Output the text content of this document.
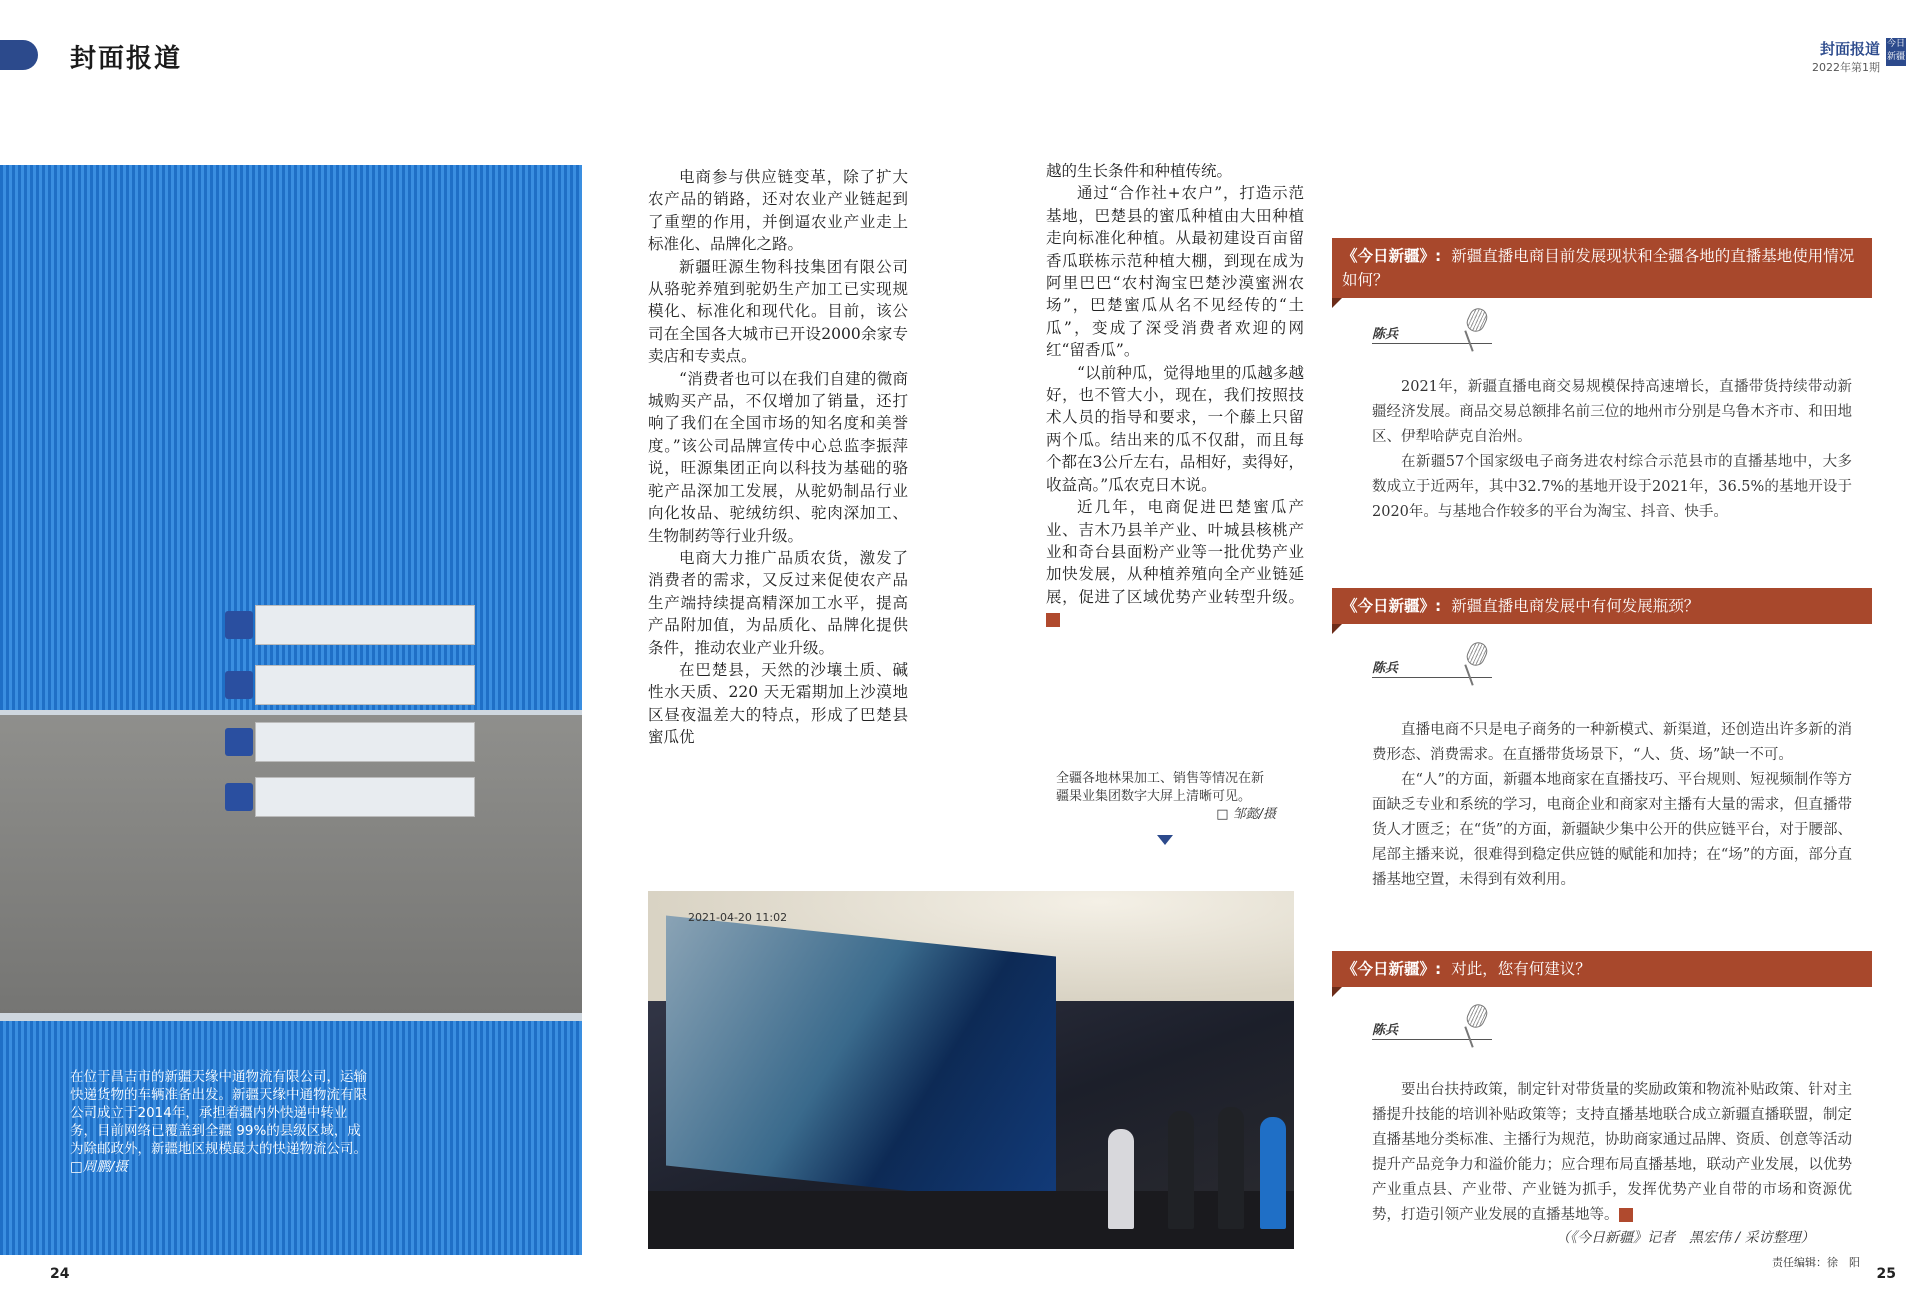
封面报道	封面报道
2022年第1期
今日新疆
在位于昌吉市的新疆天缘中通物流有限公司，运输快递货物的车辆准备出发。新疆天缘中通物流有限公司成立于2014年，承担着疆内外快递中转业务，目前网络已覆盖到全疆 99%的县级区域，成为除邮政外，新疆地区规模最大的快递物流公司。 □周鹏/摄

电商参与供应链变革，除了扩大农产品的销路，还对农业产业链起到了重塑的作用，并倒逼农业产业走上标准化、品牌化之路。

新疆旺源生物科技集团有限公司从骆驼养殖到驼奶生产加工已实现规模化、标准化和现代化。目前，该公司在全国各大城市已开设2000余家专卖店和专卖点。

“消费者也可以在我们自建的微商城购买产品，不仅增加了销量，还打响了我们在全国市场的知名度和美誉度。”该公司品牌宣传中心总监李振萍说，旺源集团正向以科技为基础的骆驼产品深加工发展，从驼奶制品行业向化妆品、驼绒纺织、驼肉深加工、生物制药等行业升级。

电商大力推广品质农货，激发了消费者的需求，又反过来促使农产品生产端持续提高精深加工水平，提高产品附加值，为品质化、品牌化提供条件，推动农业产业升级。

在巴楚县，天然的沙壤土质、碱性水天质、220 天无霜期加上沙漠地区昼夜温差大的特点，形成了巴楚县蜜瓜优

越的生长条件和种植传统。

通过“合作社+农户”，打造示范基地，巴楚县的蜜瓜种植由大田种植走向标准化种植。从最初建设百亩留香瓜联栋示范种植大棚，到现在成为阿里巴巴“农村淘宝巴楚沙漠蜜洲农场”，巴楚蜜瓜从名不见经传的“土瓜”，变成了深受消费者欢迎的网红“留香瓜”。

“以前种瓜，觉得地里的瓜越多越好，也不管大小，现在，我们按照技术人员的指导和要求，一个藤上只留两个瓜。结出来的瓜不仅甜，而且每个都在3公斤左右，品相好，卖得好，收益高。”瓜农克日木说。

近几年，电商促进巴楚蜜瓜产业、吉木乃县羊产业、叶城县核桃产业和奇台县面粉产业等一批优势产业加快发展，从种植养殖向全产业链延展，促进了区域优势产业转型升级。

全疆各地林果加工、销售等情况在新疆果业集团数字大屏上清晰可见。
□ 邹懿/摄
2021-04-20 11:02
《今日新疆》: 新疆直播电商目前发展现状和全疆各地的直播基地使用情况如何？
陈兵

2021年，新疆直播电商交易规模保持高速增长，直播带货持续带动新疆经济发展。商品交易总额排名前三位的地州市分别是乌鲁木齐市、和田地区、伊犁哈萨克自治州。

在新疆57个国家级电子商务进农村综合示范县市的直播基地中，大多数成立于近两年，其中32.7%的基地开设于2021年，36.5%的基地开设于2020年。与基地合作较多的平台为淘宝、抖音、快手。

《今日新疆》: 新疆直播电商发展中有何发展瓶颈？
陈兵

直播电商不只是电子商务的一种新模式、新渠道，还创造出许多新的消费形态、消费需求。在直播带货场景下，“人、货、场”缺一不可。

在“人”的方面，新疆本地商家在直播技巧、平台规则、短视频制作等方面缺乏专业和系统的学习，电商企业和商家对主播有大量的需求，但直播带货人才匮乏；在“货”的方面，新疆缺少集中公开的供应链平台，对于腰部、尾部主播来说，很难得到稳定供应链的赋能和加持；在“场”的方面，部分直播基地空置，未得到有效利用。

《今日新疆》: 对此，您有何建议？
陈兵

要出台扶持政策，制定针对带货量的奖励政策和物流补贴政策、针对主播提升技能的培训补贴政策等；支持直播基地联合成立新疆直播联盟，制定直播基地分类标准、主播行为规范，协助商家通过品牌、资质、创意等活动提升产品竞争力和溢价能力；应合理布局直播基地，联动产业发展，以优势产业重点县、产业带、产业链为抓手，发挥优势产业自带的市场和资源优势，打造引领产业发展的直播基地等。

（《今日新疆》记者　黑宏伟 / 采访整理）
24	25
责任编辑：徐　阳
